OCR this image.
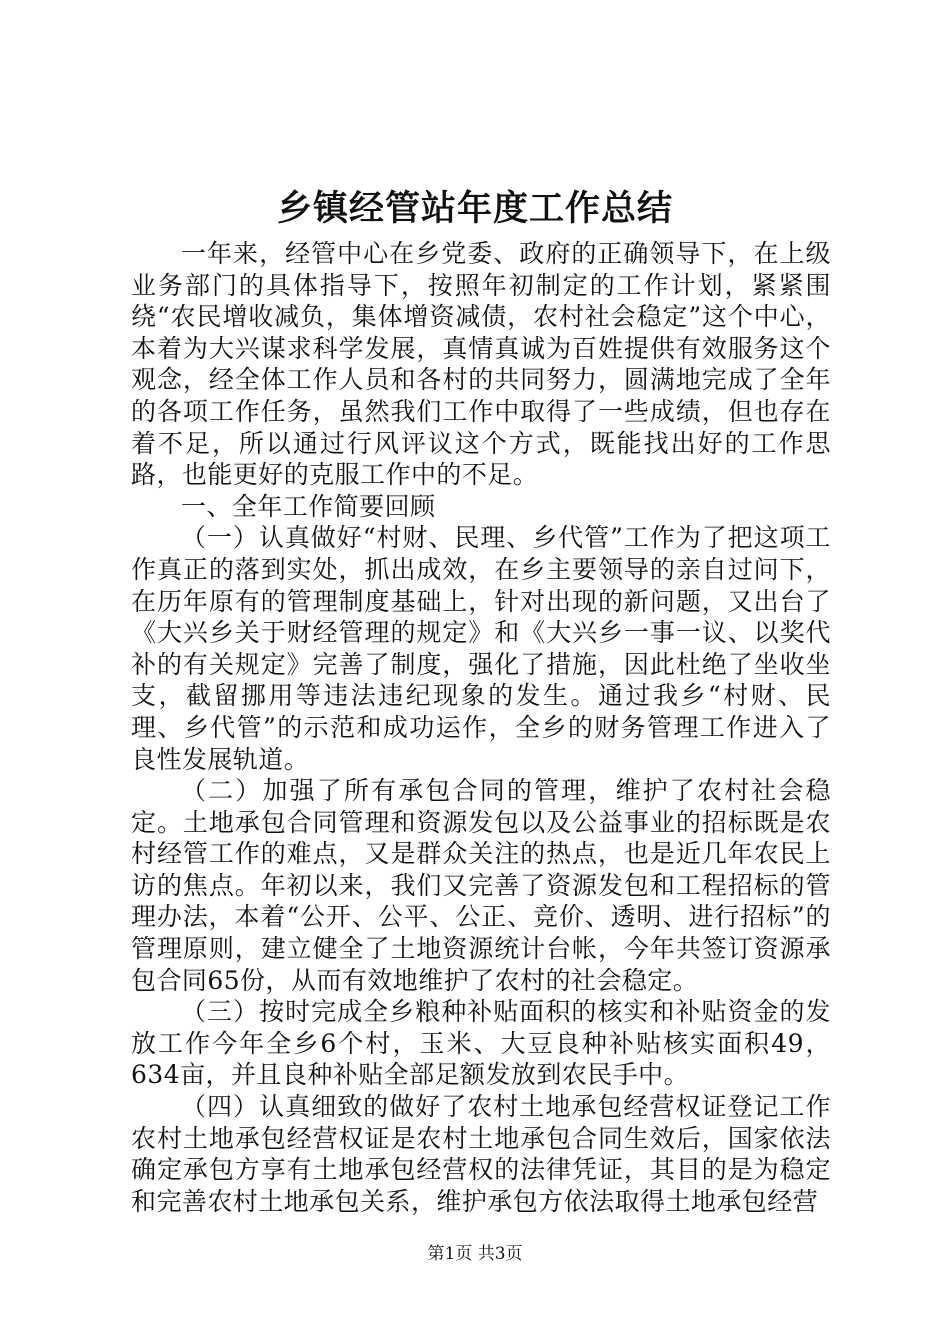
乡镇经管站年度工作总结

一年来，经管中心在乡党委、政府的正确领导下，在上级业务部门的具体指导下，按照年初制定的工作计划，紧紧围绕“农民增收减负，集体增资减债，农村社会稳定”这个中心，本着为大兴谋求科学发展，真情真诚为百姓提供有效服务这个观念，经全体工作人员和各村的共同努力，圆满地完成了全年的各项工作任务，虽然我们工作中取得了一些成绩，但也存在着不足，所以通过行风评议这个方式，既能找出好的工作思路，也能更好的克服工作中的不足。

一、全年工作简要回顾

（一）认真做好“村财、民理、乡代管”工作为了把这项工作真正的落到实处，抓出成效，在乡主要领导的亲自过问下，在历年原有的管理制度基础上，针对出现的新问题，又出台了《大兴乡关于财经管理的规定》和《大兴乡一事一议、以奖代补的有关规定》完善了制度，强化了措施，因此杜绝了坐收坐支，截留挪用等违法违纪现象的发生。通过我乡“村财、民理、乡代管”的示范和成功运作，全乡的财务管理工作进入了良性发展轨道。

（二）加强了所有承包合同的管理，维护了农村社会稳定。土地承包合同管理和资源发包以及公益事业的招标既是农村经管工作的难点，又是群众关注的热点，也是近几年农民上访的焦点。年初以来，我们又完善了资源发包和工程招标的管理办法，本着“公开、公平、公正、竞价、透明、进行招标”的管理原则，建立健全了土地资源统计台帐，今年共签订资源承包合同65份，从而有效地维护了农村的社会稳定。

（三）按时完成全乡粮种补贴面积的核实和补贴资金的发放工作今年全乡6个村，玉米、大豆良种补贴核实面积49，634亩，并且良种补贴全部足额发放到农民手中。

（四）认真细致的做好了农村土地承包经营权证登记工作农村土地承包经营权证是农村土地承包合同生效后，国家依法确定承包方享有土地承包经营权的法律凭证，其目的是为稳定和完善农村土地承包关系，维护承包方依法取得土地承包经营

第1页 共3页
